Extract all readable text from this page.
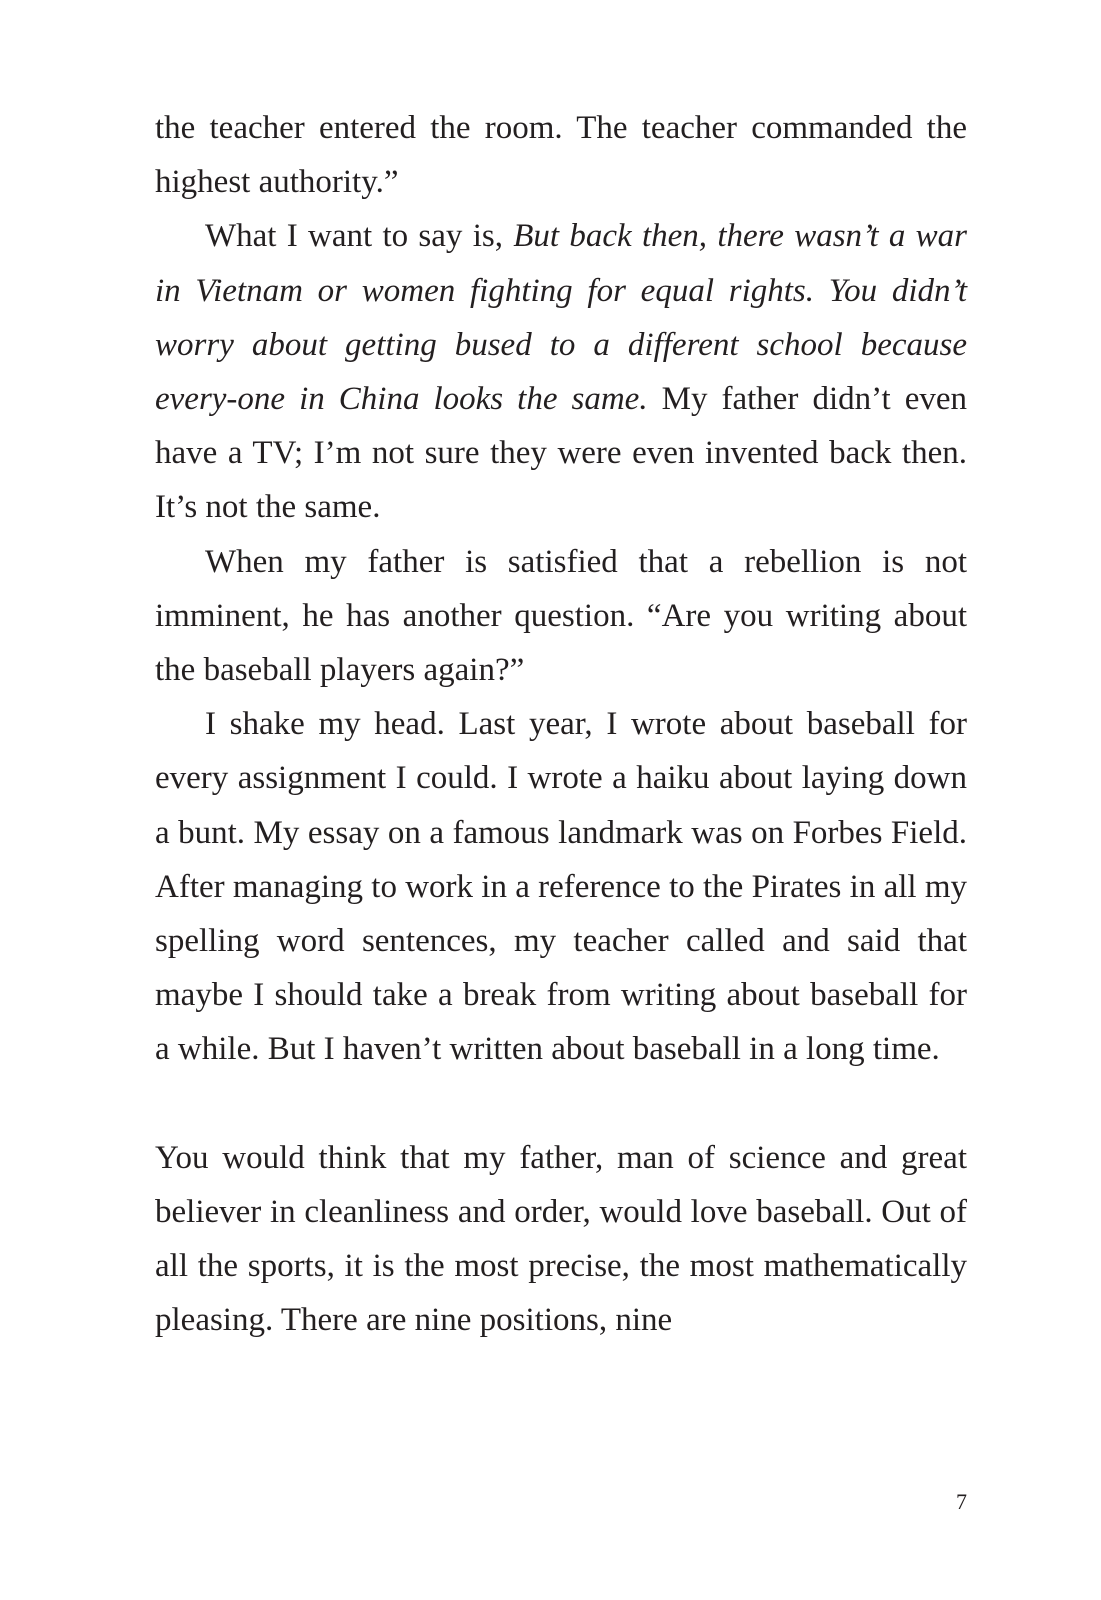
the teacher entered the room. The teacher commanded the highest authority.”

What I want to say is, But back then, there wasn’t a war in Vietnam or women fighting for equal rights. You didn’t worry about getting bused to a different school because every-one in China looks the same. My father didn’t even have a TV; I’m not sure they were even invented back then. It’s not the same.

When my father is satisfied that a rebellion is not imminent, he has another question. “Are you writing about the baseball players again?”

I shake my head. Last year, I wrote about baseball for every assignment I could. I wrote a haiku about laying down a bunt. My essay on a famous landmark was on Forbes Field. After managing to work in a reference to the Pirates in all my spelling word sentences, my teacher called and said that maybe I should take a break from writing about baseball for a while. But I haven’t written about baseball in a long time.

You would think that my father, man of science and great believer in cleanliness and order, would love baseball. Out of all the sports, it is the most precise, the most mathematically pleasing. There are nine positions, nine

7
